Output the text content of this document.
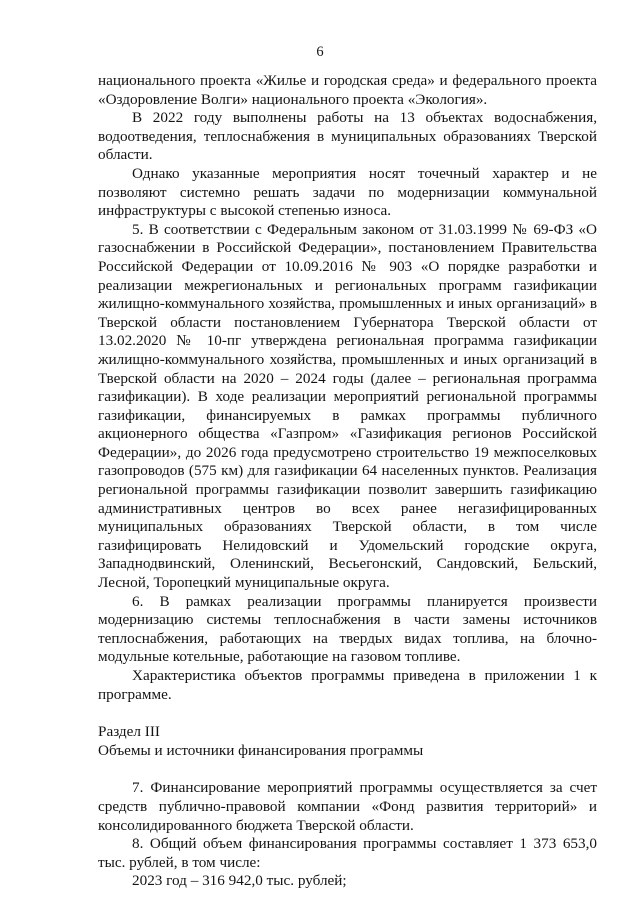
6

национального проекта «Жилье и городская среда» и федерального проекта «Оздоровление Волги» национального проекта «Экология».

В 2022 году выполнены работы на 13 объектах водоснабжения, водоотведения, теплоснабжения в муниципальных образованиях Тверской области.

Однако указанные мероприятия носят точечный характер и не позволяют системно решать задачи по модернизации коммунальной инфраструктуры с высокой степенью износа.

5. В соответствии с Федеральным законом от 31.03.1999 № 69-ФЗ «О газоснабжении в Российской Федерации», постановлением Правительства Российской Федерации от 10.09.2016 № 903 «О порядке разработки и реализации межрегиональных и региональных программ газификации жилищно-коммунального хозяйства, промышленных и иных организаций» в Тверской области постановлением Губернатора Тверской области от 13.02.2020 № 10-пг утверждена региональная программа газификации жилищно-коммунального хозяйства, промышленных и иных организаций в Тверской области на 2020 – 2024 годы (далее – региональная программа газификации). В ходе реализации мероприятий региональной программы газификации, финансируемых в рамках программы публичного акционерного общества «Газпром» «Газификация регионов Российской Федерации», до 2026 года предусмотрено строительство 19 межпоселковых газопроводов (575 км) для газификации 64 населенных пунктов. Реализация региональной программы газификации позволит завершить газификацию административных центров во всех ранее негазифицированных муниципальных образованиях Тверской области, в том числе газифицировать Нелидовский и Удомельский городские округа, Западнодвинский, Оленинский, Весьегонский, Сандовский, Бельский, Лесной, Торопецкий муниципальные округа.

6. В рамках реализации программы планируется произвести модернизацию системы теплоснабжения в части замены источников теплоснабжения, работающих на твердых видах топлива, на блочно-модульные котельные, работающие на газовом топливе.

Характеристика объектов программы приведена в приложении 1 к программе.

Раздел III

Объемы и источники финансирования программы

7. Финансирование мероприятий программы осуществляется за счет средств публично-правовой компании «Фонд развития территорий» и консолидированного бюджета Тверской области.

8. Общий объем финансирования программы составляет 1 373 653,0 тыс. рублей, в том числе:

2023 год – 316 942,0 тыс. рублей;
